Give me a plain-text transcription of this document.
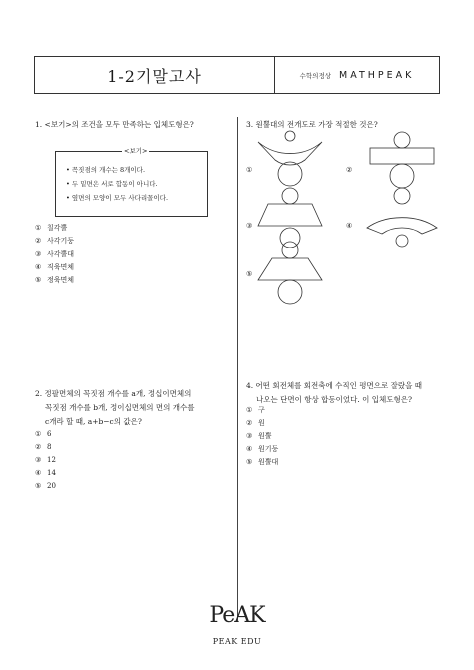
1-2기말고사	수학의정상 MATHPEAK
1. <보기>의 조건을 모두 만족하는 입체도형은?
<보기>
• 꼭짓점의 개수는 8개이다.
• 두 밑면은 서로 합동이 아니다.
• 옆면의 모양이 모두 사다리꼴이다.
① 칠각뿔
② 사각기둥
③ 사각뿔대
④ 직육면체
⑤ 정육면체
2. 정팔면체의 꼭짓점 개수를 a개, 정십이면체의
꼭짓점 개수를 b개, 정이십면체의 면의 개수를
c개라 할 때, a+b−c의 값은?
① 6
② 8
③ 12
④ 14
⑤ 20
3. 원뿔대의 전개도로 가장 적절한 것은?
①	②
③	④
⑤
4. 어떤 회전체를 회전축에 수직인 평면으로 잘랐을 때
나오는 단면이 항상 합동이었다. 이 입체도형은?
① 구
② 원
③ 원뿔
④ 원기둥
⑤ 원뿔대
PeAK
PEAK EDU
